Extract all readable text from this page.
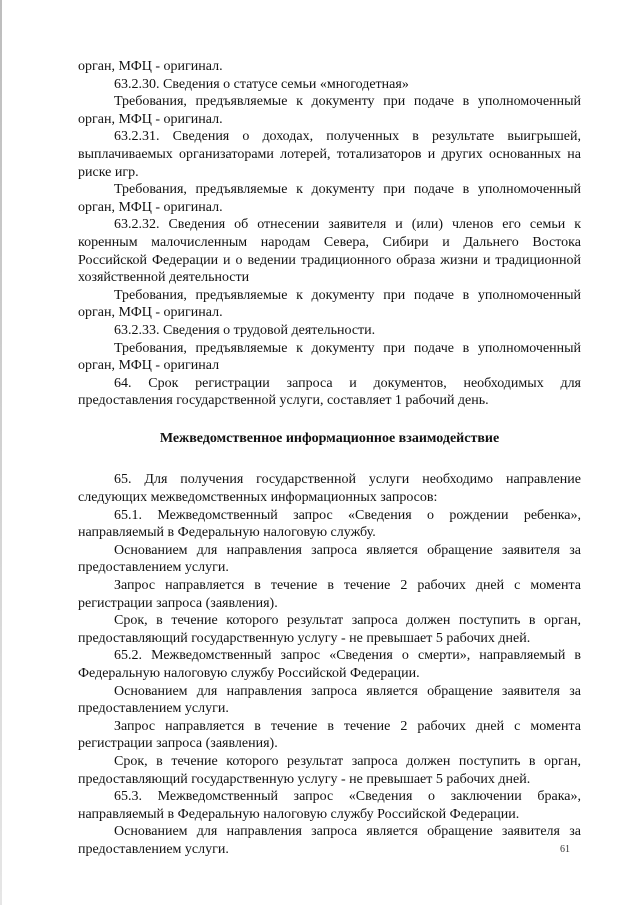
орган, МФЦ - оригинал.

63.2.30. Сведения о статусе семьи «многодетная»

Требования, предъявляемые к документу при подаче в уполномоченный орган, МФЦ - оригинал.

63.2.31. Сведения о доходах, полученных в результате выигрышей, выплачиваемых организаторами лотерей, тотализаторов и других основанных на риске игр.

Требования, предъявляемые к документу при подаче в уполномоченный орган, МФЦ - оригинал.

63.2.32. Сведения об отнесении заявителя и (или) членов его семьи к коренным малочисленным народам Севера, Сибири и Дальнего Востока Российской Федерации и о ведении традиционного образа жизни и традиционной хозяйственной деятельности

Требования, предъявляемые к документу при подаче в уполномоченный орган, МФЦ - оригинал.

63.2.33. Сведения о трудовой деятельности.

Требования, предъявляемые к документу при подаче в уполномоченный орган, МФЦ - оригинал

64. Срок регистрации запроса и документов, необходимых для предоставления государственной услуги, составляет 1 рабочий день.

Межведомственное информационное взаимодействие

65. Для получения государственной услуги необходимо направление следующих межведомственных информационных запросов:

65.1. Межведомственный запрос «Сведения о рождении ребенка», направляемый в Федеральную налоговую службу.

Основанием для направления запроса является обращение заявителя за предоставлением услуги.

Запрос направляется в течение в течение 2 рабочих дней с момента регистрации запроса (заявления).

Срок, в течение которого результат запроса должен поступить в орган, предоставляющий государственную услугу - не превышает 5 рабочих дней.

65.2. Межведомственный запрос «Сведения о смерти», направляемый в Федеральную налоговую службу Российской Федерации.

Основанием для направления запроса является обращение заявителя за предоставлением услуги.

Запрос направляется в течение в течение 2 рабочих дней с момента регистрации запроса (заявления).

Срок, в течение которого результат запроса должен поступить в орган, предоставляющий государственную услугу - не превышает 5 рабочих дней.

65.3. Межведомственный запрос «Сведения о заключении брака», направляемый в Федеральную налоговую службу Российской Федерации.

Основанием для направления запроса является обращение заявителя за предоставлением услуги.	61
